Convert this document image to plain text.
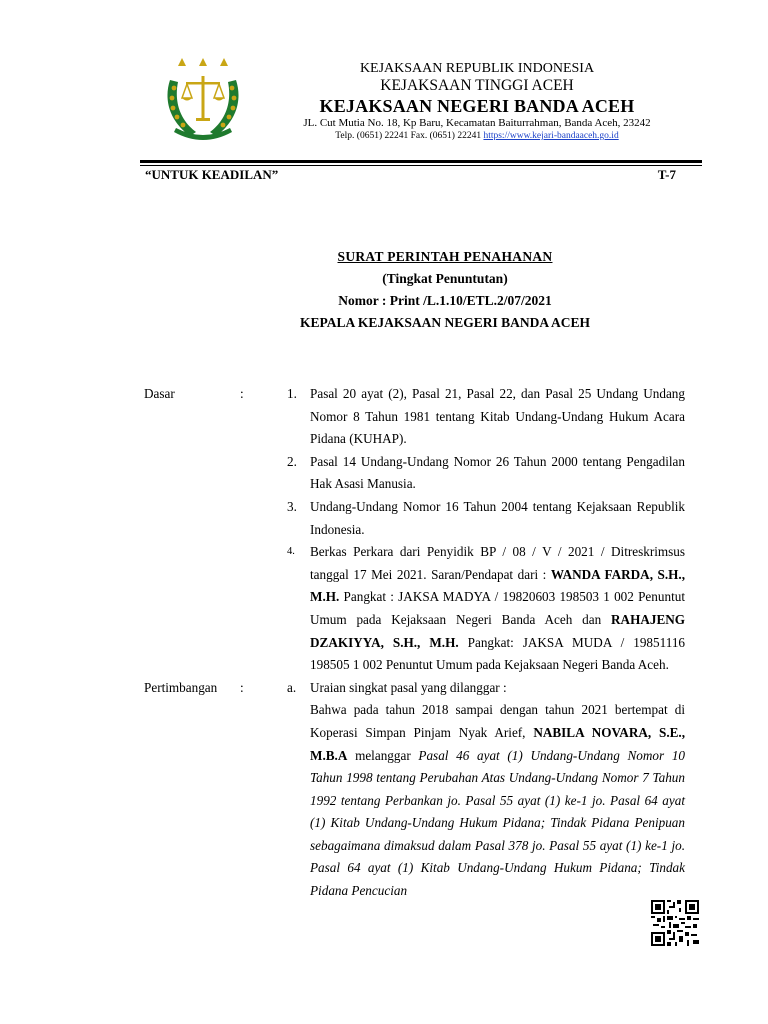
KEJAKSAAN REPUBLIK INDONESIA
KEJAKSAAN TINGGI ACEH
KEJAKSAAN NEGERI BANDA ACEH
JL. Cut Mutia No. 18, Kp Baru, Kecamatan Baiturrahman, Banda Aceh, 23242
Telp. (0651) 22241 Fax. (0651) 22241 https://www.kejari-bandaaceh.go.id
“UNTUK KEADILAN”	T-7
SURAT PERINTAH PENAHANAN
(Tingkat Penuntutan)
Nomor : Print /L.1.10/ETL.2/07/2021
KEPALA KEJAKSAAN NEGERI BANDA ACEH
Dasar	:	1. Pasal 20 ayat (2), Pasal 21, Pasal 22, dan Pasal 25 Undang Undang Nomor 8 Tahun 1981 tentang Kitab Undang-Undang Hukum Acara Pidana (KUHAP).
2. Pasal 14 Undang-Undang Nomor 26 Tahun 2000 tentang Pengadilan Hak Asasi Manusia.
3. Undang-Undang Nomor 16 Tahun 2004 tentang Kejaksaan Republik Indonesia.
4. Berkas Perkara dari Penyidik BP / 08 / V / 2021 / Ditreskrimsus tanggal 17 Mei 2021. Saran/Pendapat dari : WANDA FARDA, S.H., M.H. Pangkat : JAKSA MADYA / 19820603 198503 1 002 Penuntut Umum pada Kejaksaan Negeri Banda Aceh dan RAHAJENG DZAKIYYA, S.H., M.H. Pangkat: JAKSA MUDA / 19851116 198505 1 002 Penuntut Umum pada Kejaksaan Negeri Banda Aceh.
Pertimbangan :	a. Uraian singkat pasal yang dilanggar :
Bahwa pada tahun 2018 sampai dengan tahun 2021 bertempat di Koperasi Simpan Pinjam Nyak Arief, NABILA NOVARA, S.E., M.B.A melanggar Pasal 46 ayat (1) Undang-Undang Nomor 10 Tahun 1998 tentang Perubahan Atas Undang-Undang Nomor 7 Tahun 1992 tentang Perbankan jo. Pasal 55 ayat (1) ke-1 jo. Pasal 64 ayat (1) Kitab Undang-Undang Hukum Pidana; Tindak Pidana Penipuan sebagaimana dimaksud dalam Pasal 378 jo. Pasal 55 ayat (1) ke-1 jo. Pasal 64 ayat (1) Kitab Undang-Undang Hukum Pidana; Tindak Pidana Pencucian
